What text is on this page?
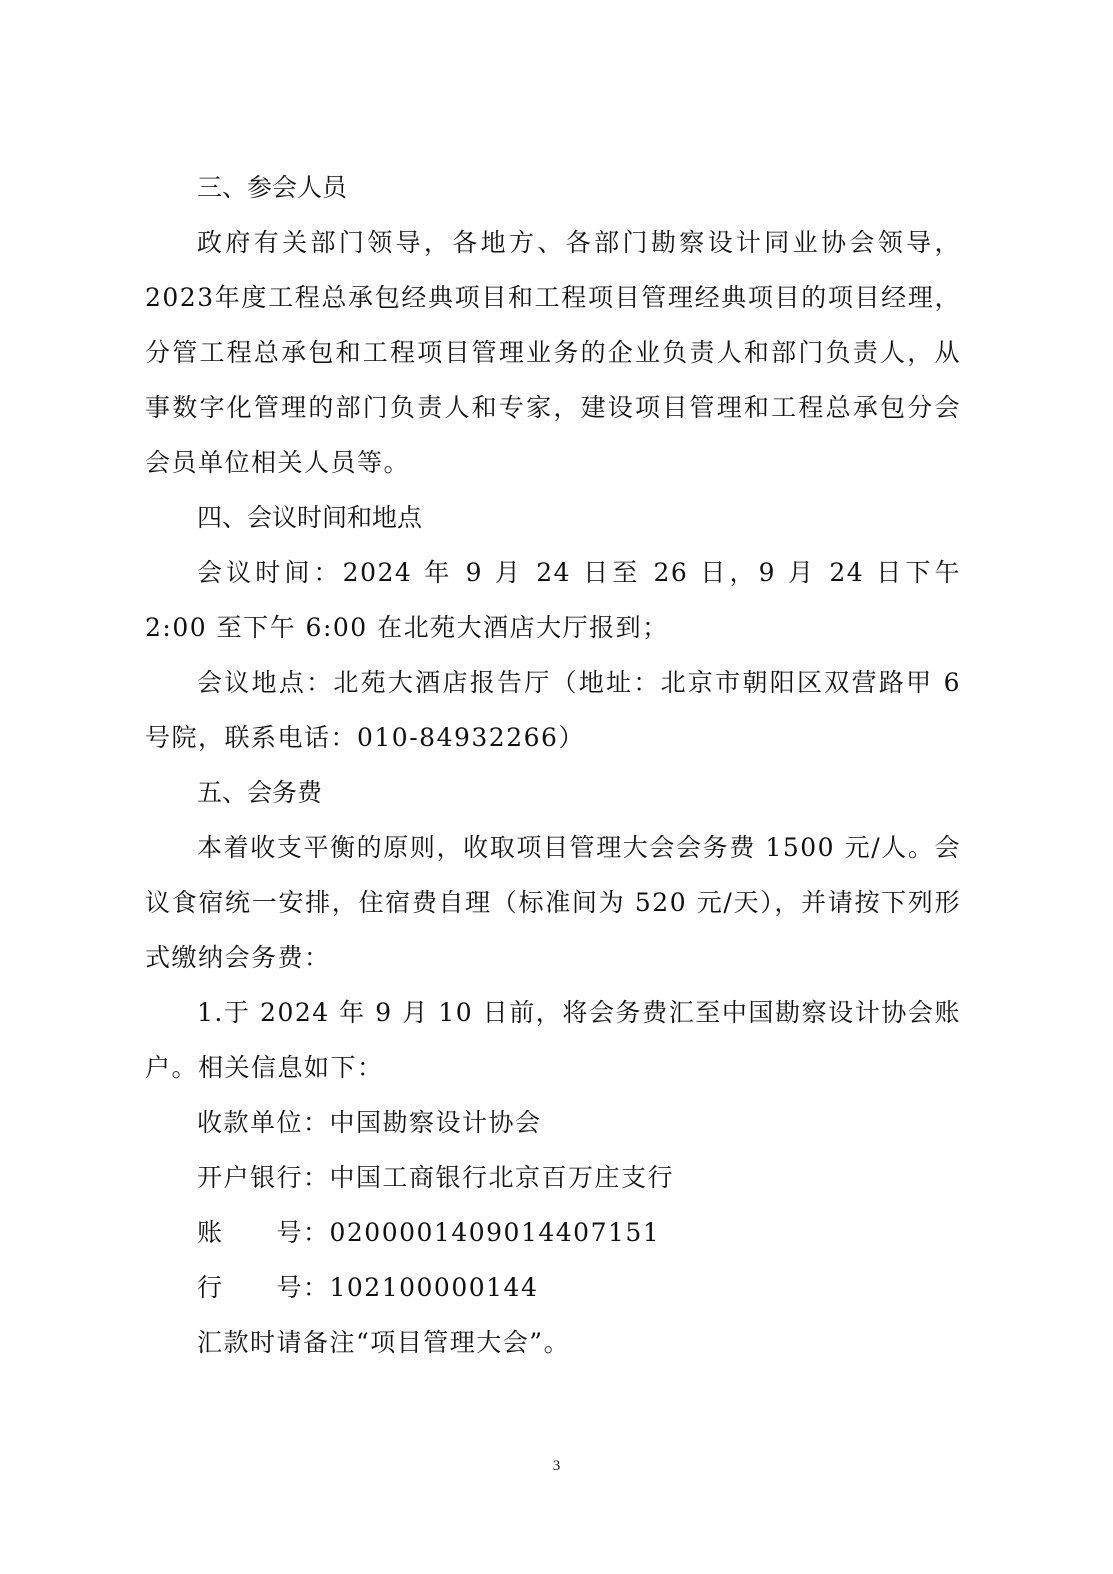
三、参会人员

政府有关部门领导，各地方、各部门勘察设计同业协会领导，2023年度工程总承包经典项目和工程项目管理经典项目的项目经理，分管工程总承包和工程项目管理业务的企业负责人和部门负责人，从事数字化管理的部门负责人和专家，建设项目管理和工程总承包分会会员单位相关人员等。

四、会议时间和地点

会议时间：2024 年 9 月 24 日至 26 日，9 月 24 日下午 2:00 至下午 6:00 在北苑大酒店大厅报到；

会议地点：北苑大酒店报告厅（地址：北京市朝阳区双营路甲 6 号院，联系电话：010-84932266）

五、会务费

本着收支平衡的原则，收取项目管理大会会务费 1500 元/人。会议食宿统一安排，住宿费自理（标准间为 520 元/天），并请按下列形式缴纳会务费：

1.于 2024 年 9 月 10 日前，将会务费汇至中国勘察设计协会账户。相关信息如下：

收款单位：中国勘察设计协会

开户银行：中国工商银行北京百万庄支行

账　　号：0200001409014407151

行　　号：102100000144

汇款时请备注“项目管理大会”。

3
